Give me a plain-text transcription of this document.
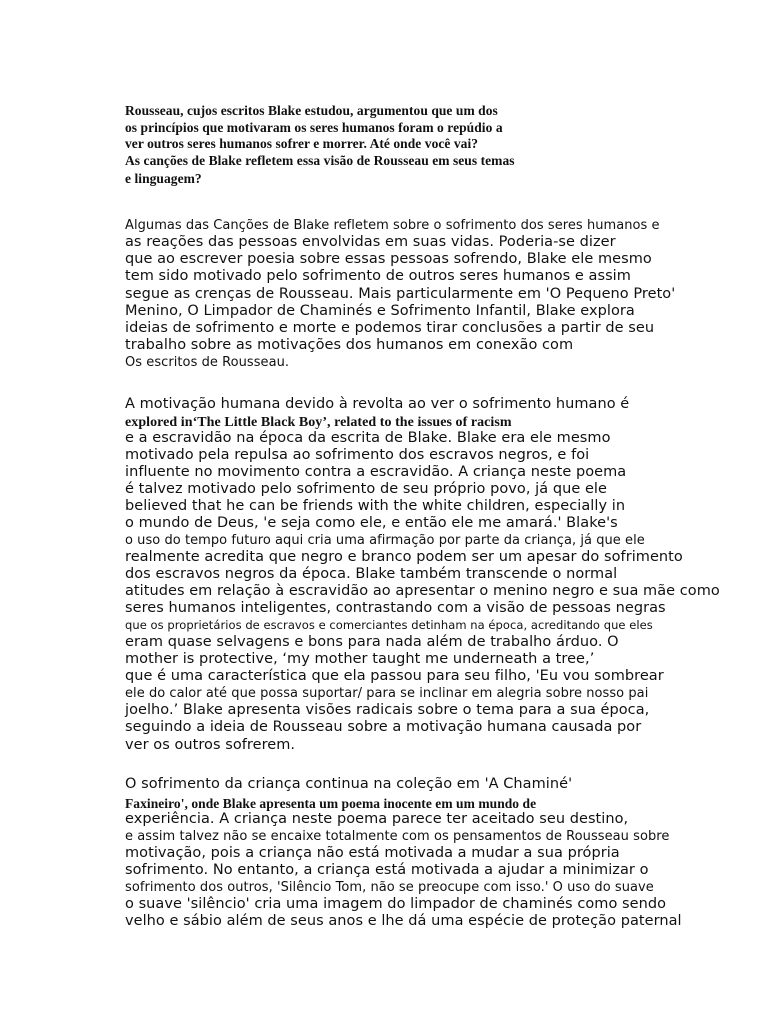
Rousseau, cujos escritos Blake estudou, argumentou que um dos
os princípios que motivaram os seres humanos foram o repúdio a
ver outros seres humanos sofrer e morrer. Até onde você vai?
As canções de Blake refletem essa visão de Rousseau em seus temas
e linguagem?
Algumas das Canções de Blake refletem sobre o sofrimento dos seres humanos e
as reações das pessoas envolvidas em suas vidas. Poderia-se dizer
que ao escrever poesia sobre essas pessoas sofrendo, Blake ele mesmo
tem sido motivado pelo sofrimento de outros seres humanos e assim
segue as crenças de Rousseau. Mais particularmente em 'O Pequeno Preto'
Menino, O Limpador de Chaminés e Sofrimento Infantil, Blake explora
ideias de sofrimento e morte e podemos tirar conclusões a partir de seu
trabalho sobre as motivações dos humanos em conexão com
Os escritos de Rousseau.
A motivação humana devido à revolta ao ver o sofrimento humano é
explored in‘The Little Black Boy’, related to the issues of racism
e a escravidão na época da escrita de Blake. Blake era ele mesmo
motivado pela repulsa ao sofrimento dos escravos negros, e foi
influente no movimento contra a escravidão. A criança neste poema
é talvez motivado pelo sofrimento de seu próprio povo, já que ele
believed that he can be friends with the white children, especially in
o mundo de Deus, 'e seja como ele, e então ele me amará.' Blake's
o uso do tempo futuro aqui cria uma afirmação por parte da criança, já que ele
realmente acredita que negro e branco podem ser um apesar do sofrimento
dos escravos negros da época. Blake também transcende o normal
atitudes em relação à escravidão ao apresentar o menino negro e sua mãe como
seres humanos inteligentes, contrastando com a visão de pessoas negras
que os proprietários de escravos e comerciantes detinham na época, acreditando que eles
eram quase selvagens e bons para nada além de trabalho árduo. O
mother is protective, ‘my mother taught me underneath a tree,’
que é uma característica que ela passou para seu filho, 'Eu vou sombrear
ele do calor até que possa suportar/ para se inclinar em alegria sobre nosso pai
joelho.’ Blake apresenta visões radicais sobre o tema para a sua época,
seguindo a ideia de Rousseau sobre a motivação humana causada por
ver os outros sofrerem.
O sofrimento da criança continua na coleção em 'A Chaminé'
Faxineiro', onde Blake apresenta um poema inocente em um mundo de
experiência. A criança neste poema parece ter aceitado seu destino,
e assim talvez não se encaixe totalmente com os pensamentos de Rousseau sobre
motivação, pois a criança não está motivada a mudar a sua própria
sofrimento. No entanto, a criança está motivada a ajudar a minimizar o
sofrimento dos outros, 'Silêncio Tom, não se preocupe com isso.' O uso do suave
o suave 'silêncio' cria uma imagem do limpador de chaminés como sendo
velho e sábio além de seus anos e lhe dá uma espécie de proteção paternal
